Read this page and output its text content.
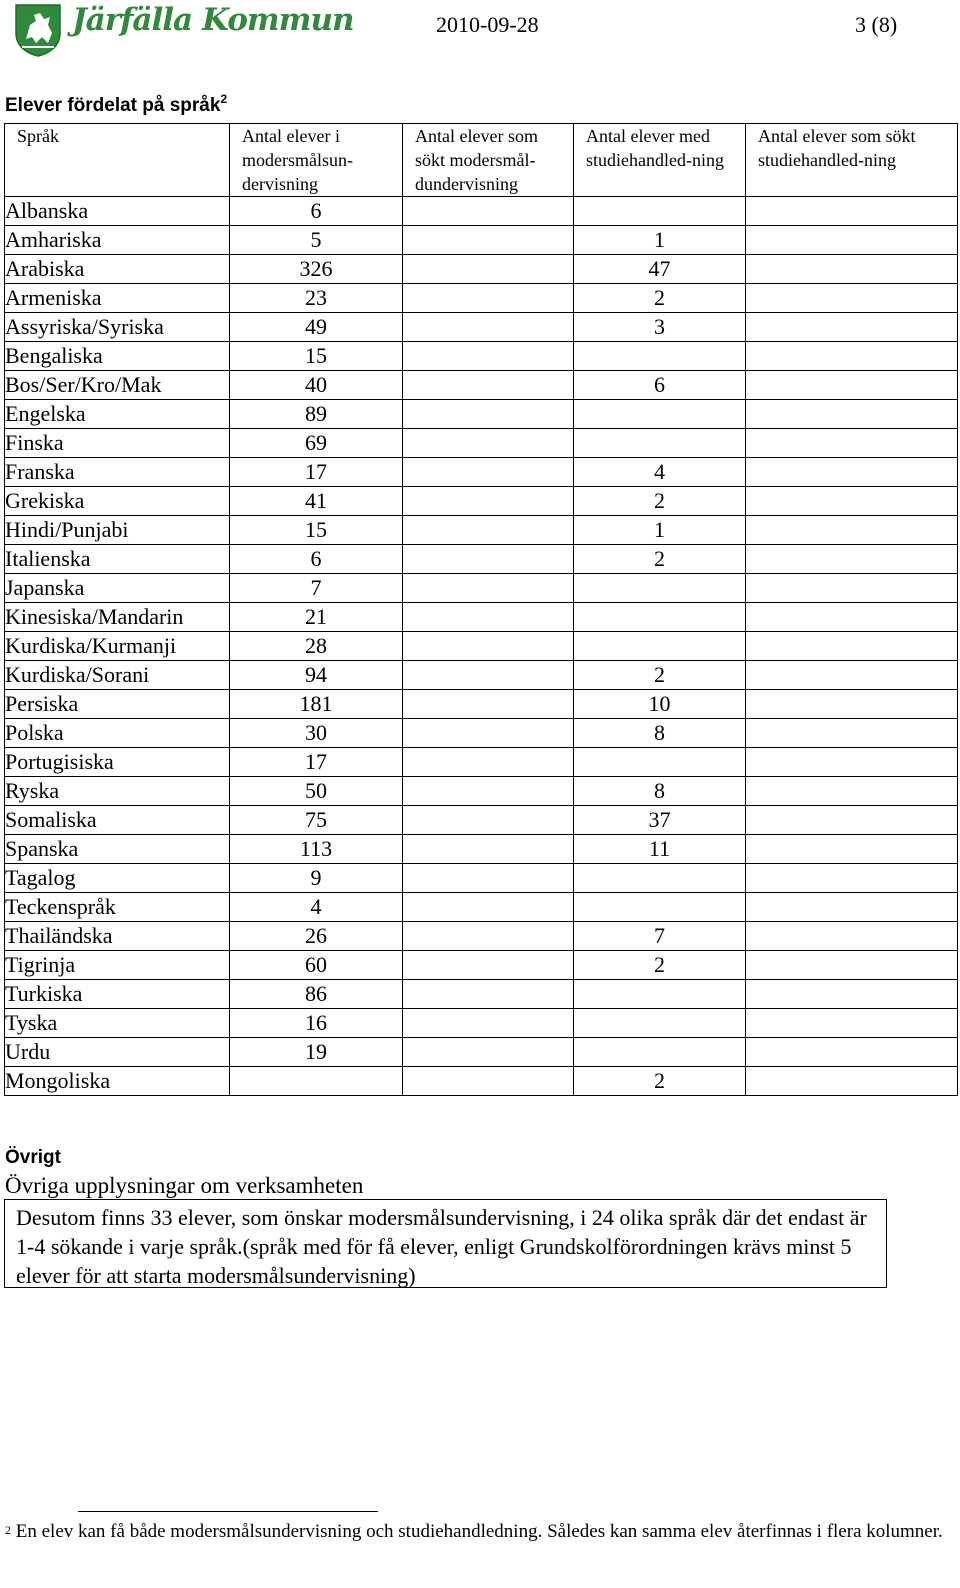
Järfälla Kommun	2010-09-28	3 (8)
Elever fördelat på språk$^2$
Språk	Antal elever i modersmålsun-dervisning	Antal elever som sökt modersmål-dundervisning	Antal elever med studiehandled-ning	Antal elever som sökt studiehandled-ning
Albanska	6			
Amhariska	5		1	
Arabiska	326		47	
Armeniska	23		2	
Assyriska/Syriska	49		3	
Bengaliska	15			
Bos/Ser/Kro/Mak	40		6	
Engelska	89			
Finska	69			
Franska	17		4	
Grekiska	41		2	
Hindi/Punjabi	15		1	
Italienska	6		2	
Japanska	7			
Kinesiska/Mandarin	21			
Kurdiska/Kurmanji	28			
Kurdiska/Sorani	94		2	
Persiska	181		10	
Polska	30		8	
Portugisiska	17			
Ryska	50		8	
Somaliska	75		37	
Spanska	113		11	
Tagalog	9			
Teckenspråk	4			
Thailändska	26		7	
Tigrinja	60		2	
Turkiska	86			
Tyska	16			
Urdu	19			
Mongoliska			2	
Övrigt
Övriga upplysningar om verksamheten
Desutom finns 33 elever, som önskar modersmålsundervisning, i 24 olika språk där det endast är 1-4 sökande i varje språk.(språk med för få elever, enligt Grundskolförordningen krävs minst 5 elever för att starta modersmålsundervisning)
$^2$ En elev kan få både modersmålsundervisning och studiehandledning. Således kan samma elev återfinnas i flera kolumner.
